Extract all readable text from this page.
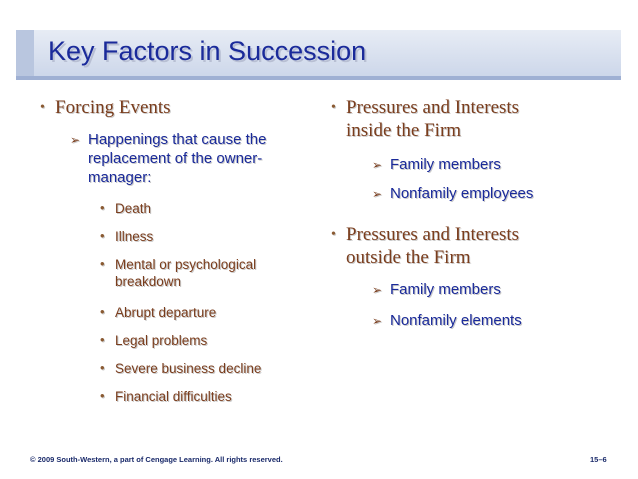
Key Factors in Succession
• Forcing Events
➢ Happenings that cause the
replacement of the owner-
manager:
• Death
• Illness
• Mental or psychological
breakdown
• Abrupt departure
• Legal problems
• Severe business decline
• Financial difficulties
• Pressures and Interests
inside the Firm
➢ Family members
➢ Nonfamily employees
• Pressures and Interests
outside the Firm
➢ Family members
➢ Nonfamily elements
© 2009 South-Western, a part of Cengage Learning. All rights reserved.	15–6
